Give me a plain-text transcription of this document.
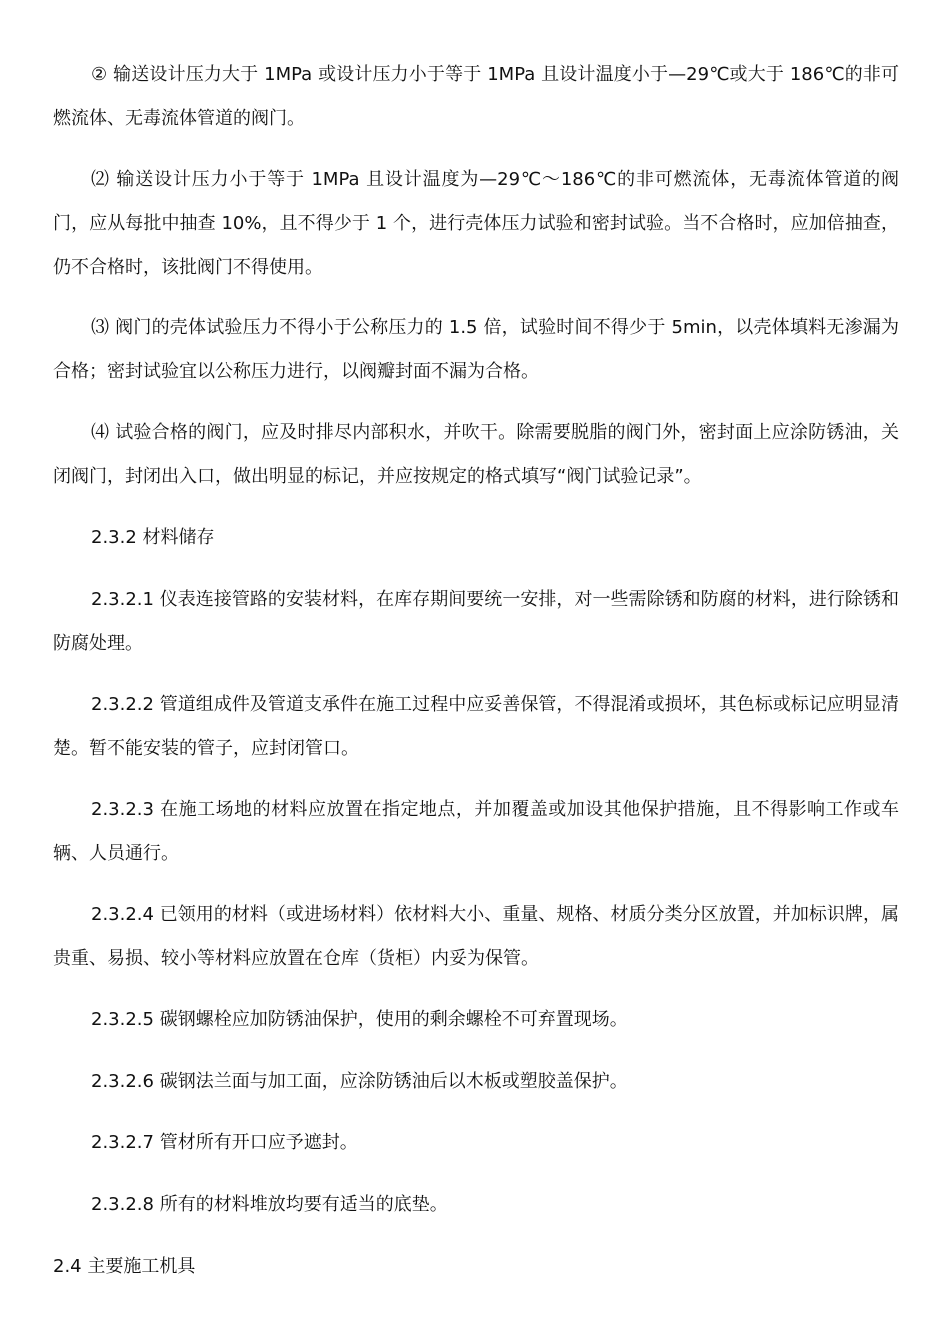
② 输送设计压力大于 1MPa 或设计压力小于等于 1MPa 且设计温度小于—29℃或大于 186℃的非可燃流体、无毒流体管道的阀门。

⑵ 输送设计压力小于等于 1MPa 且设计温度为—29℃～186℃的非可燃流体，无毒流体管道的阀门，应从每批中抽查 10%，且不得少于 1 个，进行壳体压力试验和密封试验。当不合格时，应加倍抽查，仍不合格时，该批阀门不得使用。

⑶ 阀门的壳体试验压力不得小于公称压力的 1.5 倍，试验时间不得少于 5min，以壳体填料无渗漏为合格；密封试验宜以公称压力进行，以阀瓣封面不漏为合格。

⑷ 试验合格的阀门，应及时排尽内部积水，并吹干。除需要脱脂的阀门外，密封面上应涂防锈油，关闭阀门，封闭出入口，做出明显的标记，并应按规定的格式填写“阀门试验记录”。

2.3.2 材料储存

2.3.2.1 仪表连接管路的安装材料，在库存期间要统一安排，对一些需除锈和防腐的材料，进行除锈和防腐处理。

2.3.2.2 管道组成件及管道支承件在施工过程中应妥善保管，不得混淆或损坏，其色标或标记应明显清楚。暂不能安装的管子，应封闭管口。

2.3.2.3 在施工场地的材料应放置在指定地点，并加覆盖或加设其他保护措施，且不得影响工作或车辆、人员通行。

2.3.2.4 已领用的材料（或进场材料）依材料大小、重量、规格、材质分类分区放置，并加标识牌，属贵重、易损、较小等材料应放置在仓库（货柜）内妥为保管。

2.3.2.5 碳钢螺栓应加防锈油保护，使用的剩余螺栓不可弃置现场。

2.3.2.6 碳钢法兰面与加工面，应涂防锈油后以木板或塑胶盖保护。

2.3.2.7 管材所有开口应予遮封。

2.3.2.8 所有的材料堆放均要有适当的底垫。

2.4 主要施工机具
